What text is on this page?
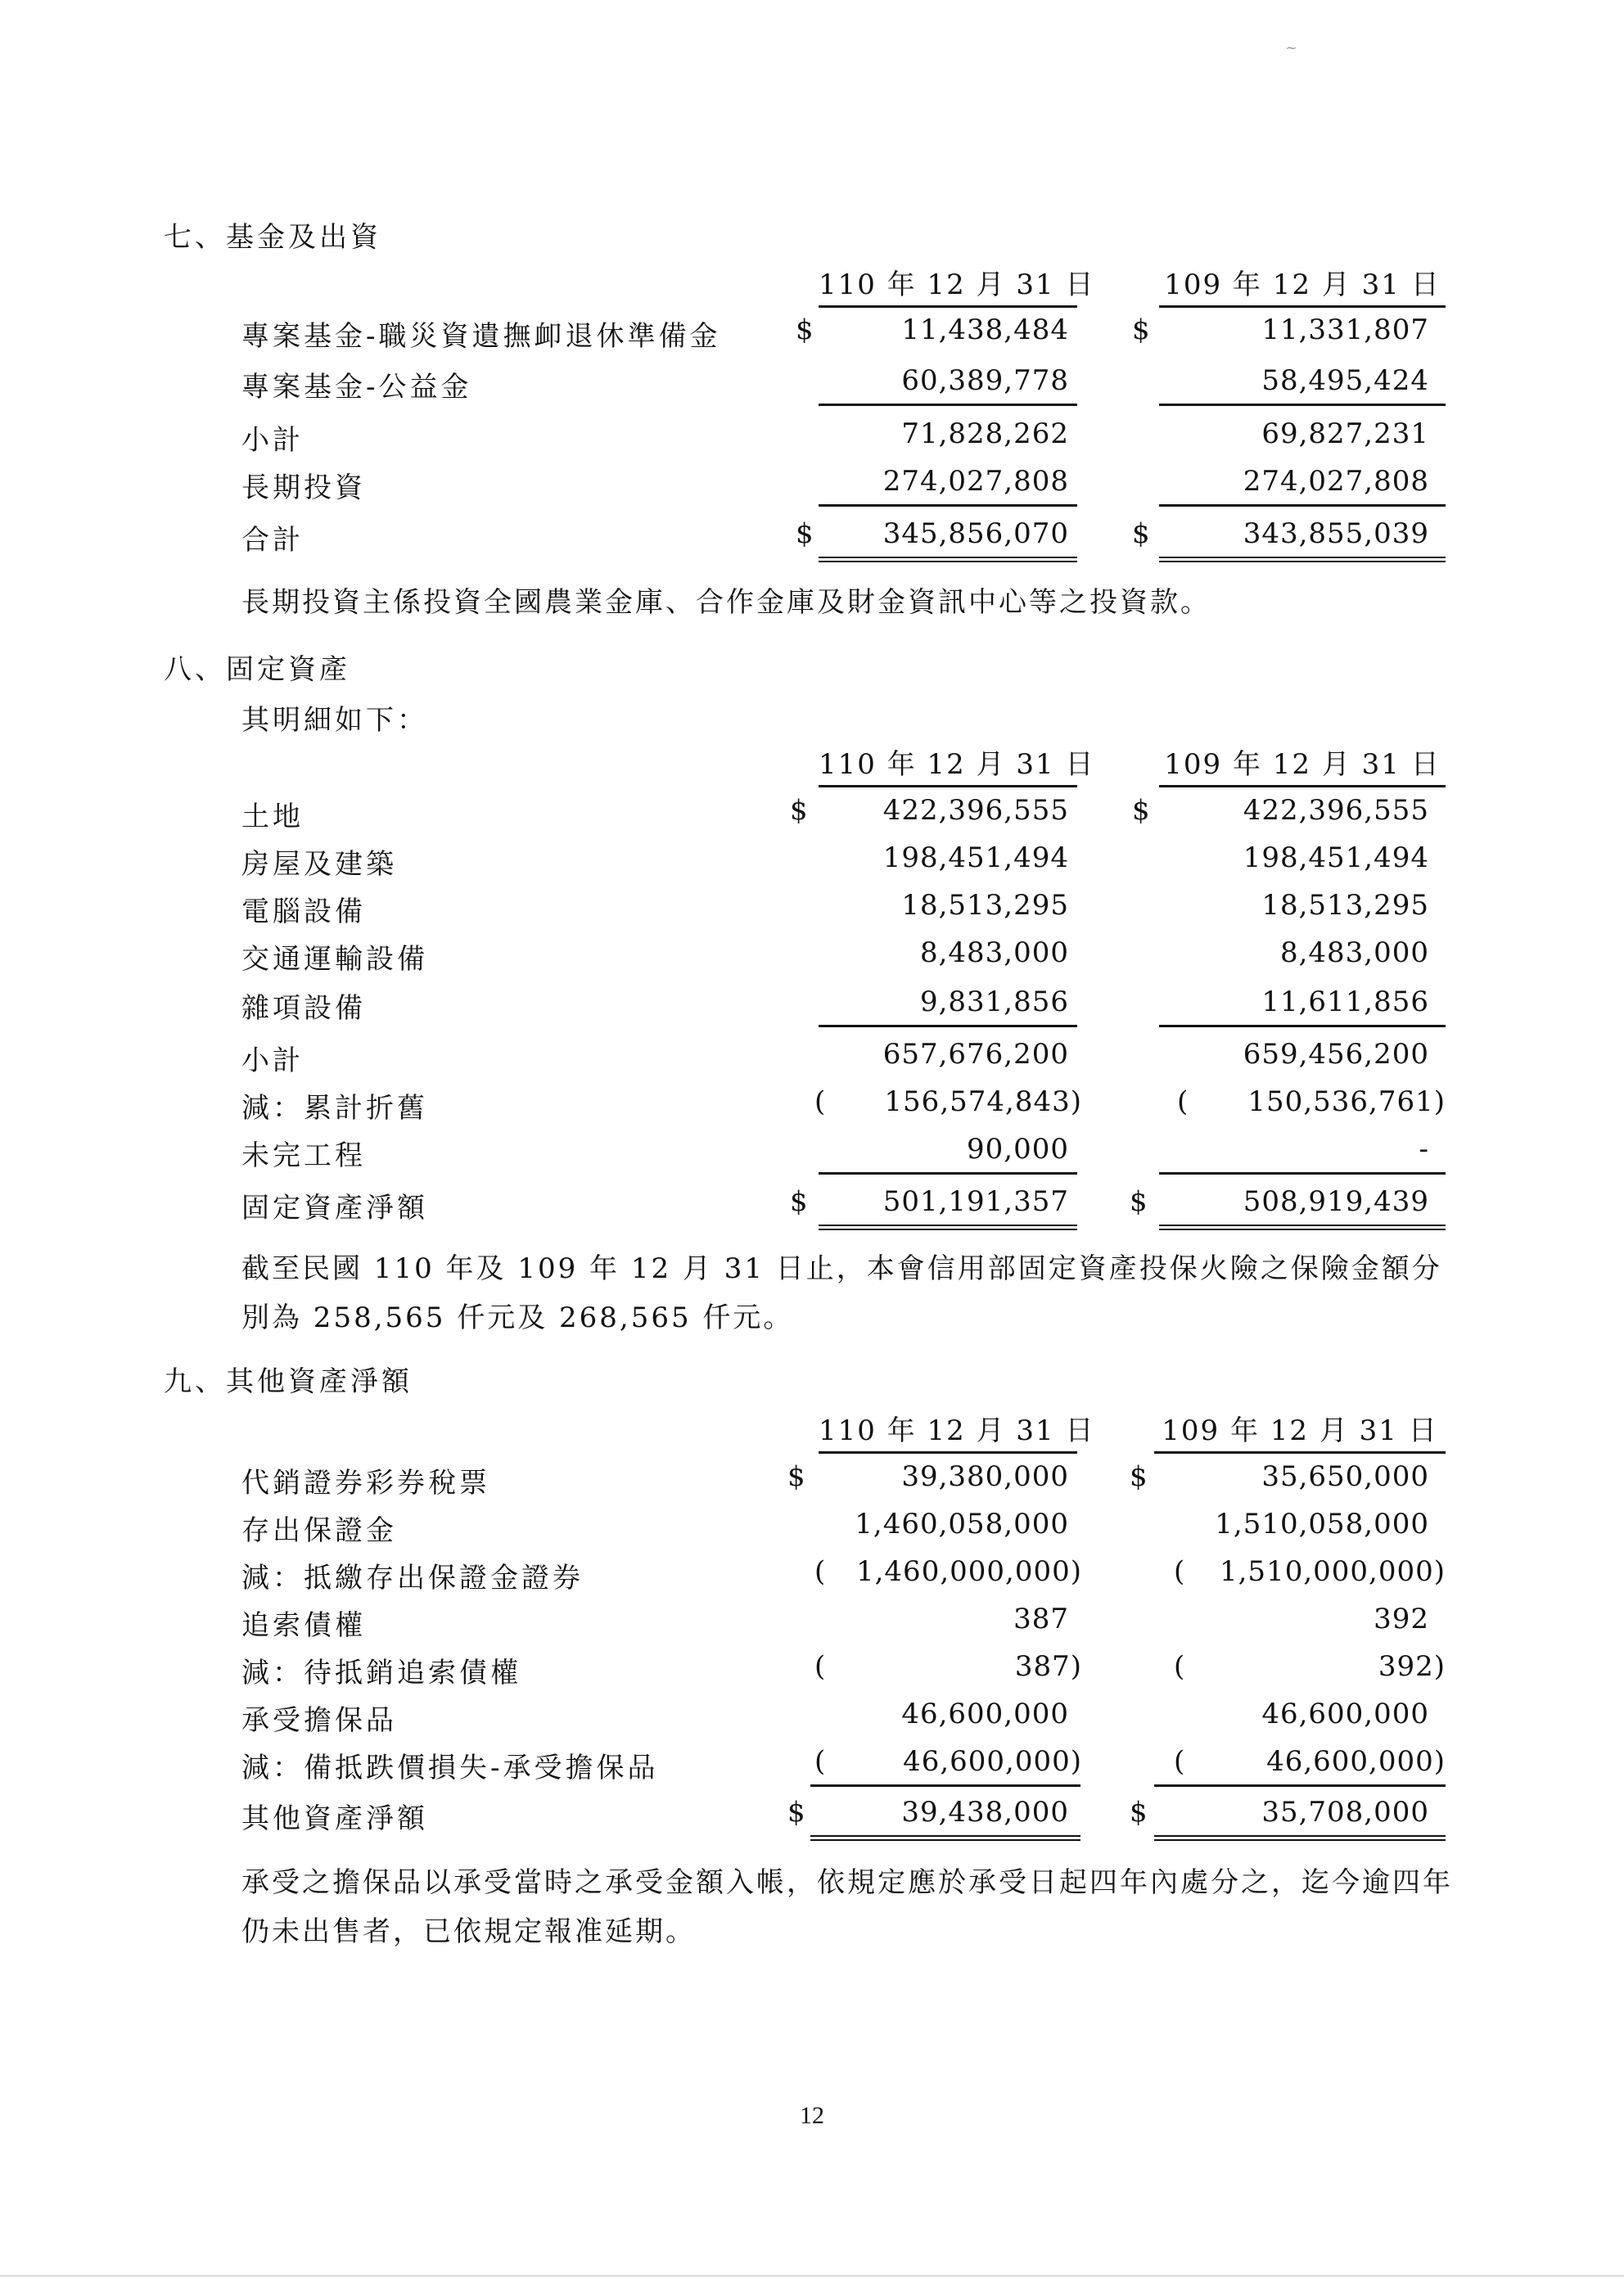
~
七、基金及出資
110 年 12 月 31 日 109 年 12 月 31 日
專案基金-職災資遺撫卹退休準備金	$	11,438,484 $	11,331,807
專案基金-公益金	60,389,778	58,495,424
小計	71,828,262	69,827,231
長期投資	274,027,808	274,027,808
合計	$	345,856,070 $	343,855,039
長期投資主係投資全國農業金庫、合作金庫及財金資訊中心等之投資款。
八、固定資產
其明細如下：
110 年 12 月 31 日 109 年 12 月 31 日
土地	$	422,396,555 $	422,396,555
房屋及建築	198,451,494	198,451,494
電腦設備	18,513,295	18,513,295
交通運輸設備	8,483,000	8,483,000
雜項設備	9,831,856	11,611,856
小計	657,676,200	659,456,200
減：累計折舊	(	156,574,843)	(	150,536,761)
未完工程	90,000	-
固定資產淨額	$	501,191,357 $	508,919,439
截至民國 110 年及 109 年 12 月 31 日止，本會信用部固定資產投保火險之保險金額分別為 258,565 仟元及 268,565 仟元。
九、其他資產淨額
110 年 12 月 31 日 109 年 12 月 31 日
代銷證券彩券稅票	$	39,380,000 $	35,650,000
存出保證金	1,460,058,000	1,510,058,000
減：抵繳存出保證金證券	(	1,460,000,000)	(	1,510,000,000)
追索債權	387	392
減：待抵銷追索債權	(	387)	(	392)
承受擔保品	46,600,000	46,600,000
減：備抵跌價損失-承受擔保品	(	46,600,000)	(	46,600,000)
其他資產淨額	$	39,438,000 $	35,708,000
承受之擔保品以承受當時之承受金額入帳，依規定應於承受日起四年內處分之，迄今逾四年仍未出售者，已依規定報准延期。
12
